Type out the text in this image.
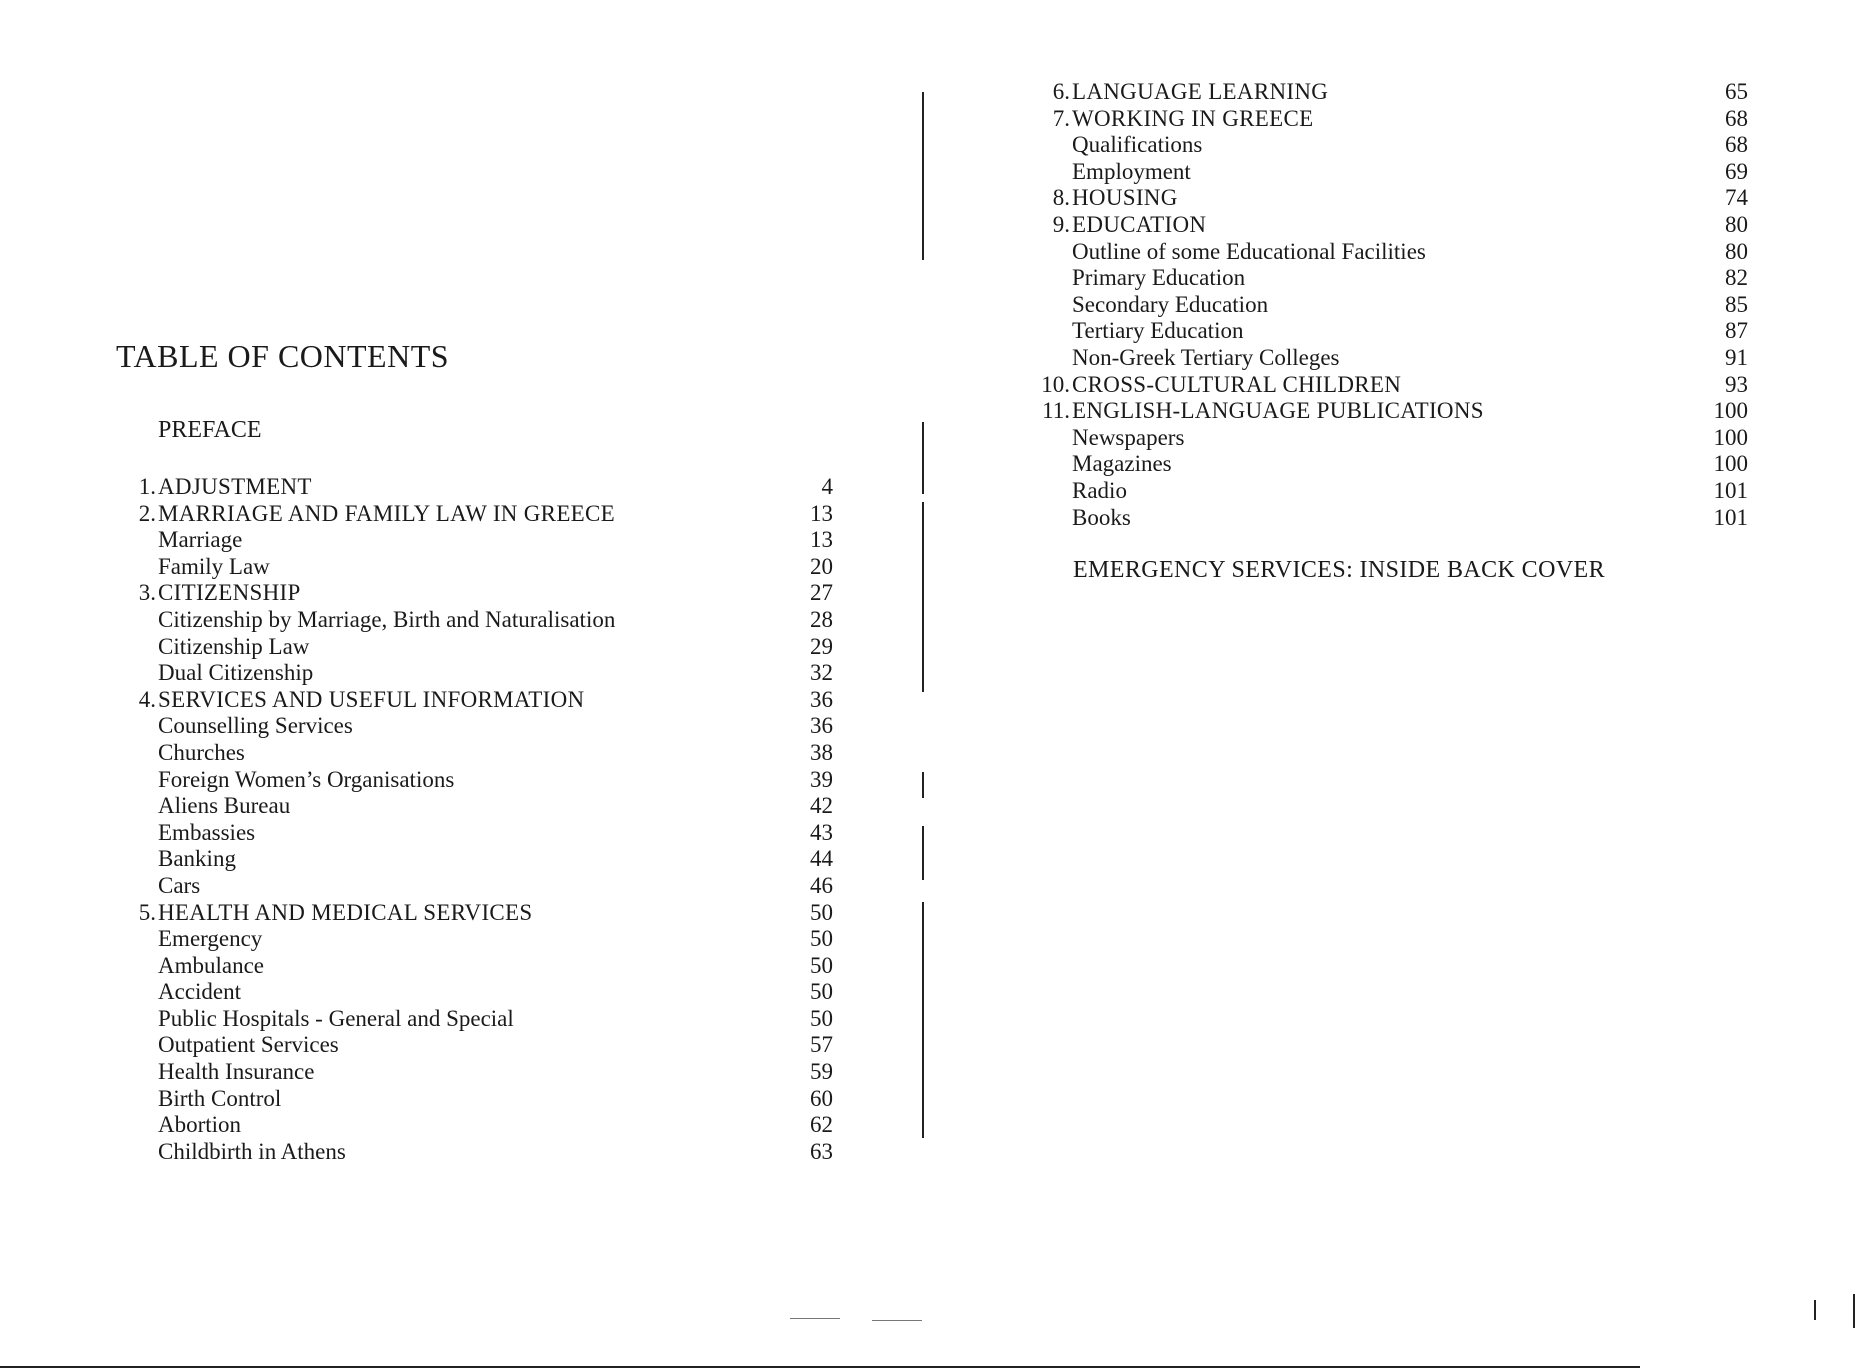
TABLE OF CONTENTS
PREFACE
1. ADJUSTMENT	4
2. MARRIAGE AND FAMILY LAW IN GREECE	13
Marriage	13
Family Law	20
3. CITIZENSHIP	27
Citizenship by Marriage, Birth and Naturalisation	28
Citizenship Law	29
Dual Citizenship	32
4. SERVICES AND USEFUL INFORMATION	36
Counselling Services	36
Churches	38
Foreign Women’s Organisations	39
Aliens Bureau	42
Embassies	43
Banking	44
Cars	46
5. HEALTH AND MEDICAL SERVICES	50
Emergency	50
Ambulance	50
Accident	50
Public Hospitals - General and Special	50
Outpatient Services	57
Health Insurance	59
Birth Control	60
Abortion	62
Childbirth in Athens	63
6. LANGUAGE LEARNING	65
7. WORKING IN GREECE	68
Qualifications	68
Employment	69
8. HOUSING	74
9. EDUCATION	80
Outline of some Educational Facilities	80
Primary Education	82
Secondary Education	85
Tertiary Education	87
Non-Greek Tertiary Colleges	91
10. CROSS-CULTURAL CHILDREN	93
11. ENGLISH-LANGUAGE PUBLICATIONS	100
Newspapers	100
Magazines	100
Radio	101
Books	101
EMERGENCY SERVICES: INSIDE BACK COVER
